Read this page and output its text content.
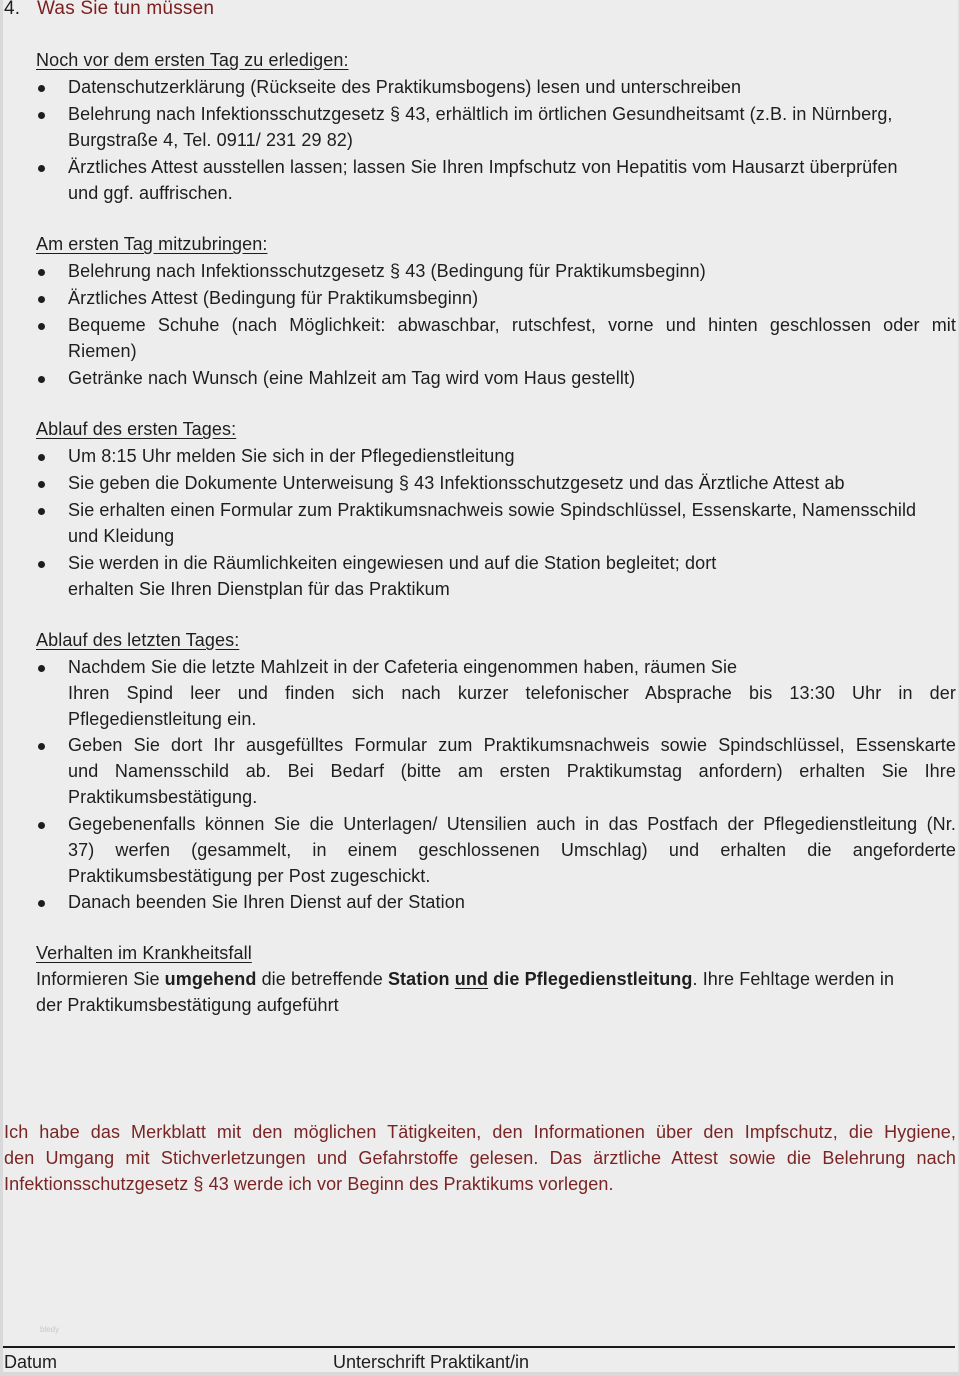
4. Was Sie tun müssen
Noch vor dem ersten Tag zu erledigen:
Datenschutzerklärung (Rückseite des Praktikumsbogens) lesen und unterschreiben
Belehrung nach Infektionsschutzgesetz § 43, erhältlich im örtlichen Gesundheitsamt (z.B. in Nürnberg,
Burgstraße 4, Tel. 0911/ 231 29 82)
Ärztliches Attest ausstellen lassen; lassen Sie Ihren Impfschutz von Hepatitis vom Hausarzt überprüfen
und ggf. auffrischen.
Am ersten Tag mitzubringen:
Belehrung nach Infektionsschutzgesetz § 43 (Bedingung für Praktikumsbeginn)
Ärztliches Attest (Bedingung für Praktikumsbeginn)
Bequeme Schuhe (nach Möglichkeit: abwaschbar, rutschfest, vorne und hinten geschlossen oder mit
Riemen)
Getränke nach Wunsch (eine Mahlzeit am Tag wird vom Haus gestellt)
Ablauf des ersten Tages:
Um 8:15 Uhr melden Sie sich in der Pflegedienstleitung
Sie geben die Dokumente Unterweisung § 43 Infektionsschutzgesetz und das Ärztliche Attest ab
Sie erhalten einen Formular zum Praktikumsnachweis sowie Spindschlüssel, Essenskarte, Namensschild
und Kleidung
Sie werden in die Räumlichkeiten eingewiesen und auf die Station begleitet; dort
erhalten Sie Ihren Dienstplan für das Praktikum
Ablauf des letzten Tages:
Nachdem Sie die letzte Mahlzeit in der Cafeteria eingenommen haben, räumen Sie
Ihren Spind leer und finden sich nach kurzer telefonischer Absprache bis 13:30 Uhr in der
Pflegedienstleitung ein.
Geben Sie dort Ihr ausgefülltes Formular zum Praktikumsnachweis sowie Spindschlüssel, Essenskarte
und Namensschild ab. Bei Bedarf (bitte am ersten Praktikumstag anfordern) erhalten Sie Ihre
Praktikumsbestätigung.
Gegebenenfalls können Sie die Unterlagen/ Utensilien auch in das Postfach der Pflegedienstleitung (Nr.
37) werfen (gesammelt, in einem geschlossenen Umschlag) und erhalten die angeforderte
Praktikumsbestätigung per Post zugeschickt.
Danach beenden Sie Ihren Dienst auf der Station
Verhalten im Krankheitsfall
Informieren Sie umgehend die betreffende Station und die Pflegedienstleitung. Ihre Fehltage werden in
der Praktikumsbestätigung aufgeführt
Ich habe das Merkblatt mit den möglichen Tätigkeiten, den Informationen über den Impfschutz, die Hygiene,
den Umgang mit Stichverletzungen und Gefahrstoffe gelesen. Das ärztliche Attest sowie die Belehrung nach
Infektionsschutzgesetz § 43 werde ich vor Beginn des Praktikums vorlegen.
bledy
Datum	Unterschrift Praktikant/in
